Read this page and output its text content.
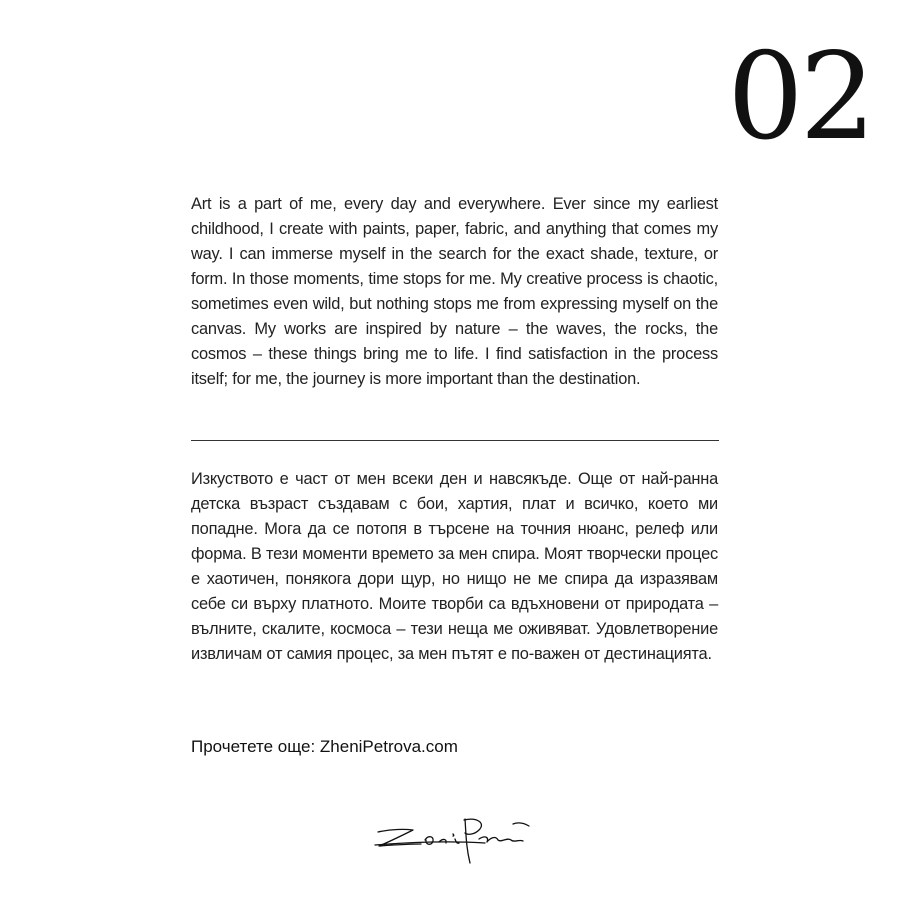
02

Art is a part of me, every day and everywhere. Ever since my earliest childhood, I create with paints, paper, fabric, and anything that comes my way. I can immerse myself in the search for the exact shade, texture, or form. In those moments, time stops for me. My creative process is chaotic, sometimes even wild, but nothing stops me from expressing myself on the canvas. My works are inspired by nature – the waves, the rocks, the cosmos – these things bring me to life. I find satisfaction in the process itself; for me, the journey is more important than the destination.

Изкуството е част от мен всеки ден и навсякъде. Още от най-ранна детска възраст създавам с бои, хартия, плат и всичко, което ми попадне. Мога да се потопя в търсене на точния нюанс, релеф или форма. В тези моменти времето за мен спира. Моят творчески процес е хаотичен, понякога дори щур, но нищо не ме спира да изразявам себе си върху платното. Моите творби са вдъхновени от природата – вълните, скалите, космоса – тези неща ме оживяват. Удовлетворение извличам от самия процес, за мен пътят е по-важен от дестинацията.

Прочетете още: ZheniPetrova.com
